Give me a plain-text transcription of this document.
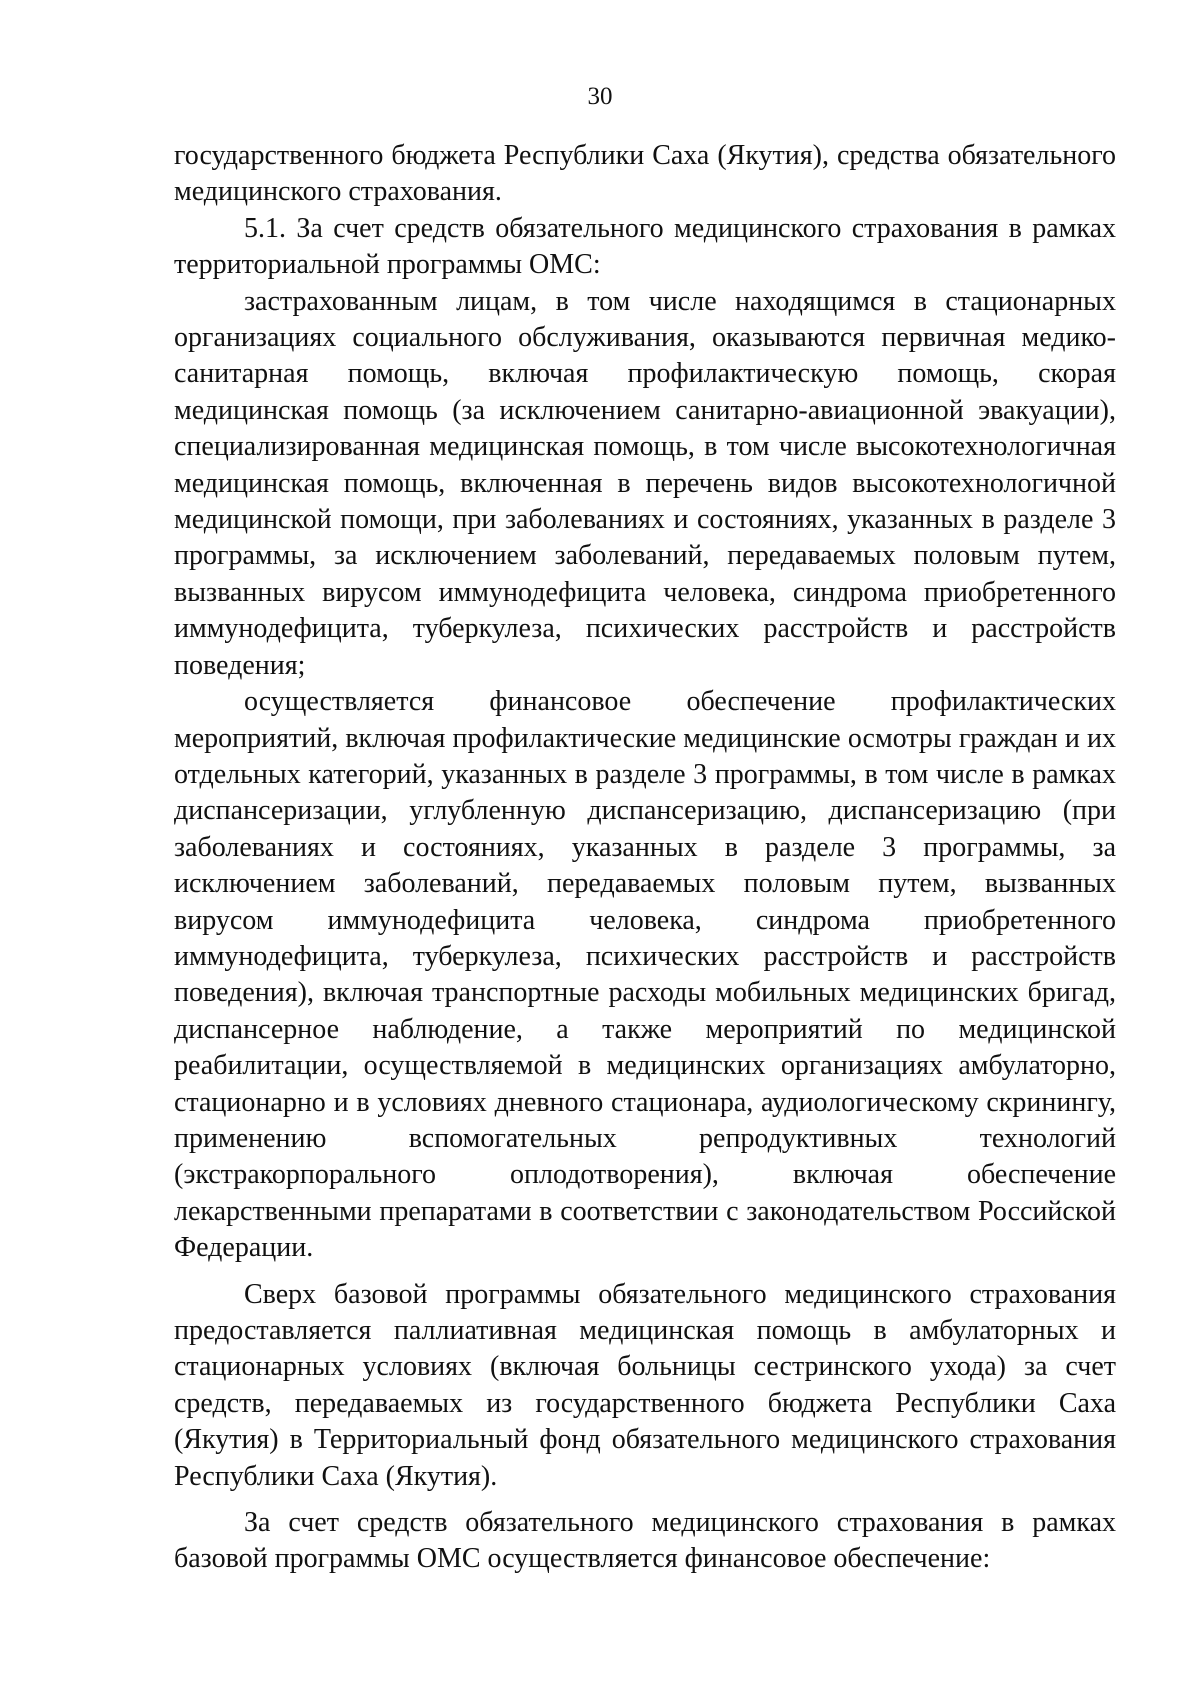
30

государственного бюджета Республики Саха (Якутия), средства обязательного медицинского страхования.

5.1. За счет средств обязательного медицинского страхования в рамках территориальной программы ОМС:

застрахованным лицам, в том числе находящимся в стационарных организациях социального обслуживания, оказываются первичная медико-санитарная помощь, включая профилактическую помощь, скорая медицинская помощь (за исключением санитарно-авиационной эвакуации), специализированная медицинская помощь, в том числе высокотехнологичная медицинская помощь, включенная в перечень видов высокотехнологичной медицинской помощи, при заболеваниях и состояниях, указанных в разделе 3 программы, за исключением заболеваний, передаваемых половым путем, вызванных вирусом иммунодефицита человека, синдрома приобретенного иммунодефицита, туберкулеза, психических расстройств и расстройств поведения;

осуществляется финансовое обеспечение профилактических мероприятий, включая профилактические медицинские осмотры граждан и их отдельных категорий, указанных в разделе 3 программы, в том числе в рамках диспансеризации, углубленную диспансеризацию, диспансеризацию (при заболеваниях и состояниях, указанных в разделе 3 программы, за исключением заболеваний, передаваемых половым путем, вызванных вирусом иммунодефицита человека, синдрома приобретенного иммунодефицита, туберкулеза, психических расстройств и расстройств поведения), включая транспортные расходы мобильных медицинских бригад, диспансерное наблюдение, а также мероприятий по медицинской реабилитации, осуществляемой в медицинских организациях амбулаторно, стационарно и в условиях дневного стационара, аудиологическому скринингу, применению вспомогательных репродуктивных технологий (экстракорпорального оплодотворения), включая обеспечение лекарственными препаратами в соответствии с законодательством Российской Федерации.

Сверх базовой программы обязательного медицинского страхования предоставляется паллиативная медицинская помощь в амбулаторных и стационарных условиях (включая больницы сестринского ухода) за счет средств, передаваемых из государственного бюджета Республики Саха (Якутия) в Территориальный фонд обязательного медицинского страхования Республики Саха (Якутия).

За счет средств обязательного медицинского страхования в рамках базовой программы ОМС осуществляется финансовое обеспечение:
